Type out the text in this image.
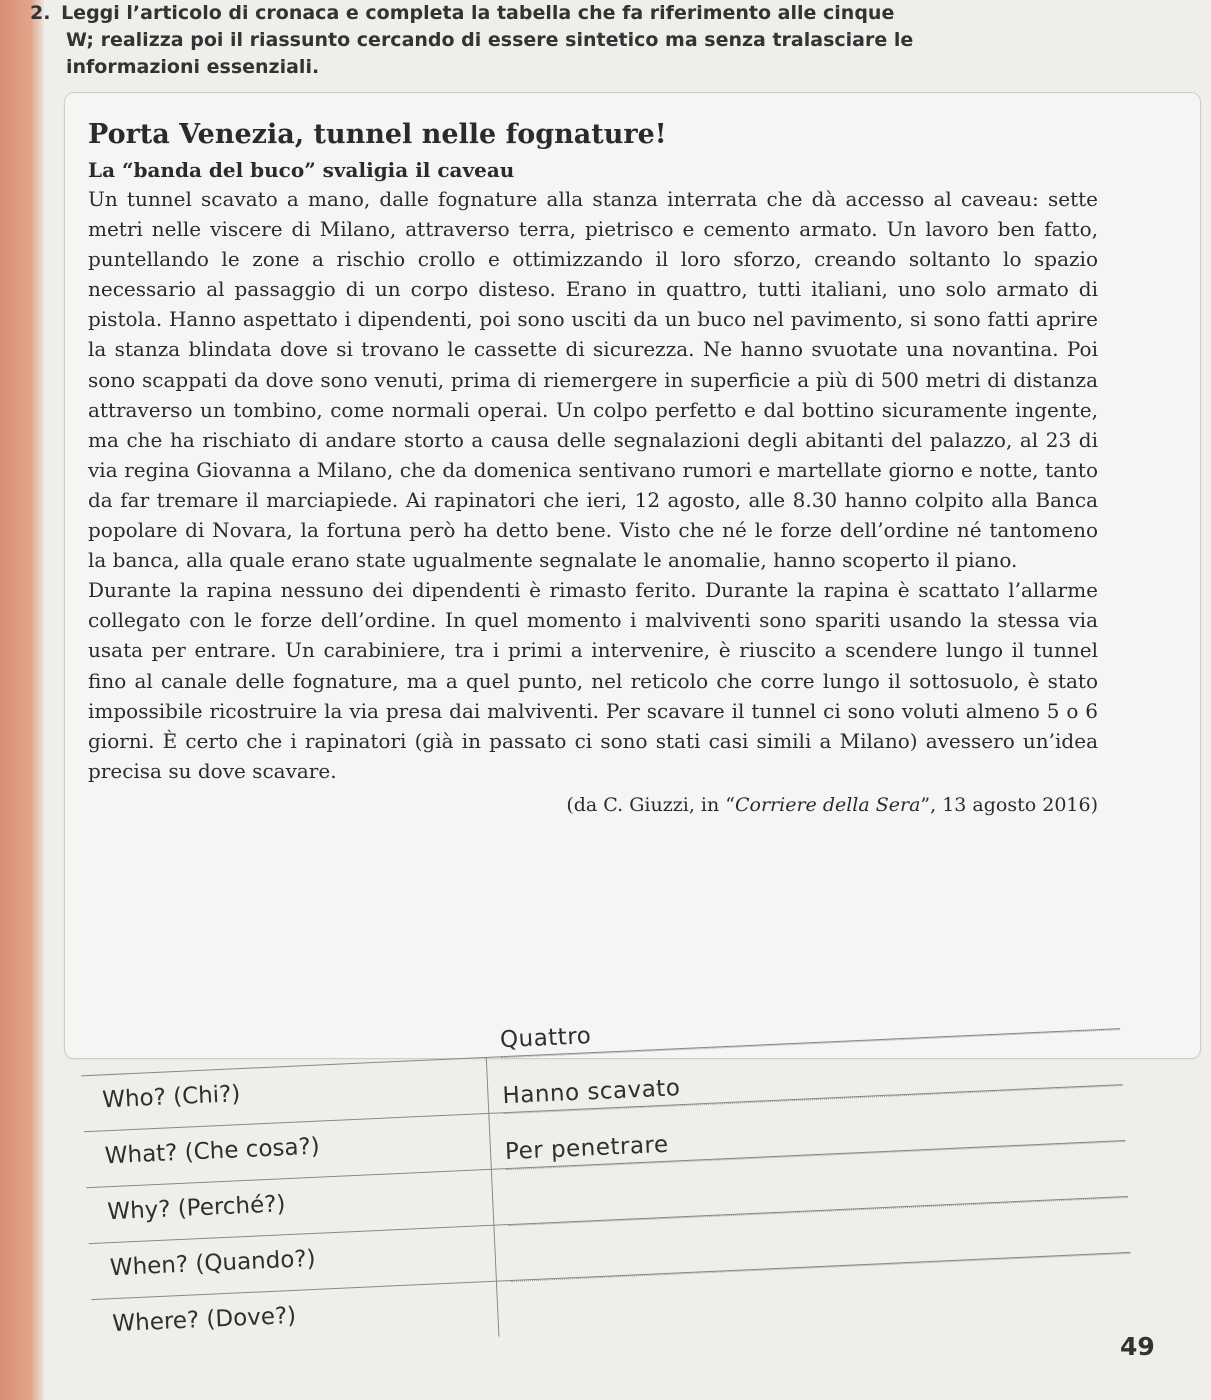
2. Leggi l’articolo di cronaca e completa la tabella che fa riferimento alle cinque
W; realizza poi il riassunto cercando di essere sintetico ma senza tralasciare le
informazioni essenziali.
Porta Venezia, tunnel nelle fognature!
La “banda del buco” svaligia il caveau

Un tunnel scavato a mano, dalle fognature alla stanza interrata che dà accesso al caveau: sette metri nelle viscere di Milano, attraverso terra, pietrisco e cemento armato. Un lavoro ben fatto, puntellando le zone a rischio crollo e ottimizzando il loro sforzo, creando soltanto lo spazio necessario al passaggio di un corpo disteso. Erano in quattro, tutti italiani, uno solo armato di pistola. Hanno aspettato i dipendenti, poi sono usciti da un buco nel pavimento, si sono fatti aprire la stanza blindata dove si trovano le cassette di sicurezza. Ne hanno svuotate una novantina. Poi sono scappati da dove sono venuti, prima di riemergere in superficie a più di 500 metri di distanza attraverso un tombino, come normali operai. Un colpo perfetto e dal bottino sicuramente ingente, ma che ha rischiato di andare storto a causa delle segnalazioni degli abitanti del palazzo, al 23 di via regina Giovanna a Milano, che da domenica sentivano rumori e martellate giorno e notte, tanto da far tremare il marciapiede. Ai rapinatori che ieri, 12 agosto, alle 8.30 hanno colpito alla Banca popolare di Novara, la fortuna però ha detto bene. Visto che né le forze dell’ordine né tantomeno la banca, alla quale erano state ugualmente segnalate le anomalie, hanno scoperto il piano.

Durante la rapina nessuno dei dipendenti è rimasto ferito. Durante la rapina è scattato l’allarme collegato con le forze dell’ordine. In quel momento i malviventi sono spariti usando la stessa via usata per entrare. Un carabiniere, tra i primi a intervenire, è riuscito a scendere lungo il tunnel fino al canale delle fognature, ma a quel punto, nel reticolo che corre lungo il sottosuolo, è stato impossibile ricostruire la via presa dai malviventi. Per scavare il tunnel ci sono voluti almeno 5 o 6 giorni. È certo che i rapinatori (già in passato ci sono stati casi simili a Milano) avessero un’idea precisa su dove scavare.

(da C. Giuzzi, in “Corriere della Sera”, 13 agosto 2016)

Who? (Chi?)
Quattro
What? (Che cosa?)
Hanno scavato
Why? (Perché?)
Per penetrare
When? (Quando?)
Where? (Dove?)
49
